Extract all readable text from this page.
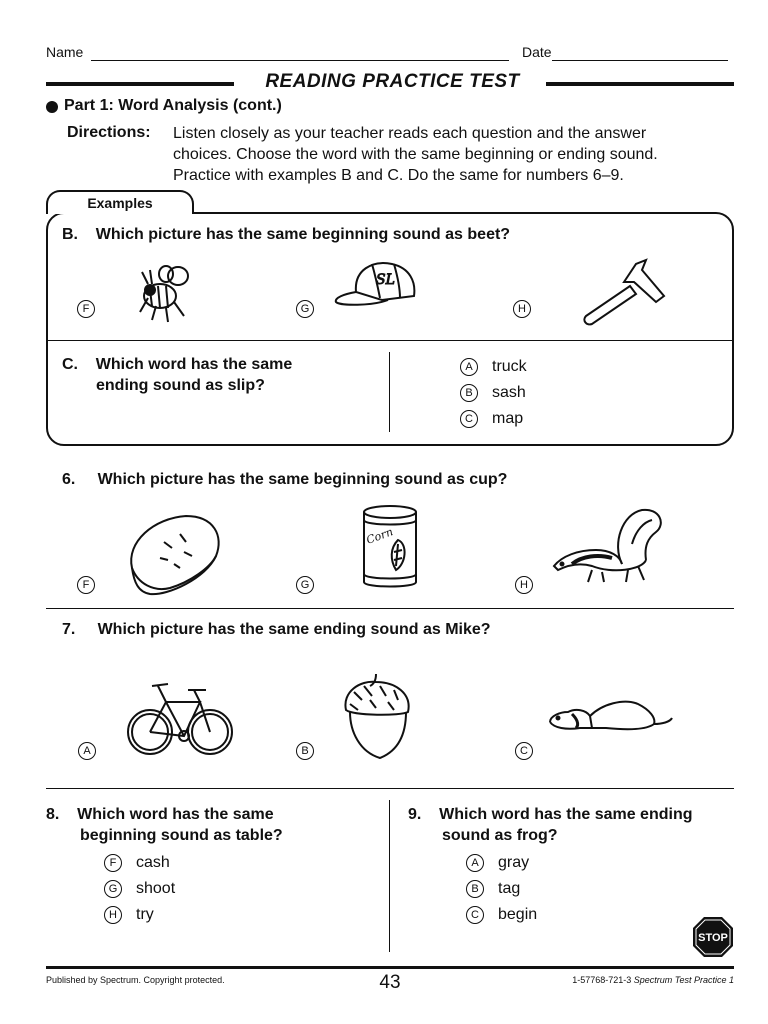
Name	Date
READING PRACTICE TEST
Part 1: Word Analysis (cont.)
Directions: Listen closely as your teacher reads each question and the answer
choices. Choose the word with the same beginning or ending sound.
Practice with examples B and C. Do the same for numbers 6–9.
Examples
B. Which picture has the same beginning sound as beet?
F	G	H
SL
C. Which word has the same
ending sound as slip?
A	truck
B	sash
C	map
6. Which picture has the same beginning sound as cup?
F	G	H
Corn
7. Which picture has the same ending sound as Mike?
A	B	C
8. Which word has the same
beginning sound as table?
F	cash
G shoot
H	try
9. Which word has the same ending
sound as frog?
A	gray
B	tag
C	begin
STOP
Published by Spectrum. Copyright protected.	43	1-57768-721-3 Spectrum Test Practice 1
